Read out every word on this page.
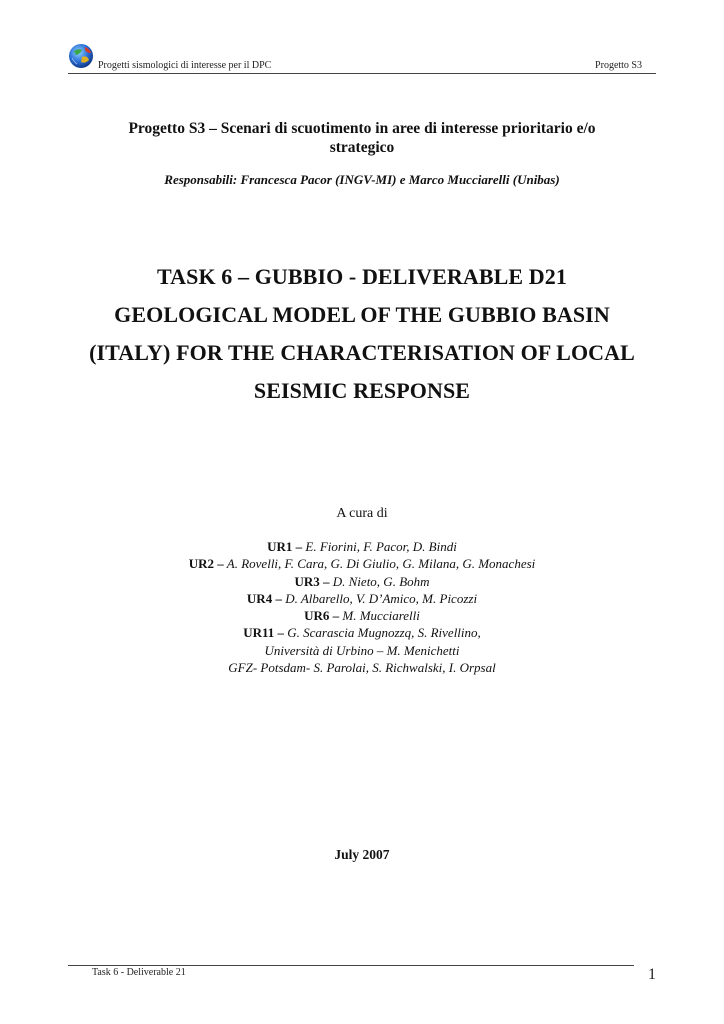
Progetti sismologici di interesse per il DPC	Progetto S3
Progetto S3 – Scenari di scuotimento in aree di interesse prioritario e/o
strategico
Responsabili: Francesca Pacor (INGV-MI) e Marco Mucciarelli (Unibas)
TASK 6 – GUBBIO - DELIVERABLE D21
GEOLOGICAL MODEL OF THE GUBBIO BASIN
(ITALY) FOR THE CHARACTERISATION OF LOCAL
SEISMIC RESPONSE
A cura di
UR1 – E. Fiorini, F. Pacor, D. Bindi
UR2 – A. Rovelli, F. Cara, G. Di Giulio, G. Milana, G. Monachesi
UR3 – D. Nieto, G. Bohm
UR4 – D. Albarello, V. D’Amico, M. Picozzi
UR6 – M. Mucciarelli
UR11 – G. Scarascia Mugnozzq, S. Rivellino,
Università di Urbino – M. Menichetti
GFZ- Potsdam- S. Parolai, S. Richwalski, I. Orpsal
July 2007
Task 6 - Deliverable 21	1
